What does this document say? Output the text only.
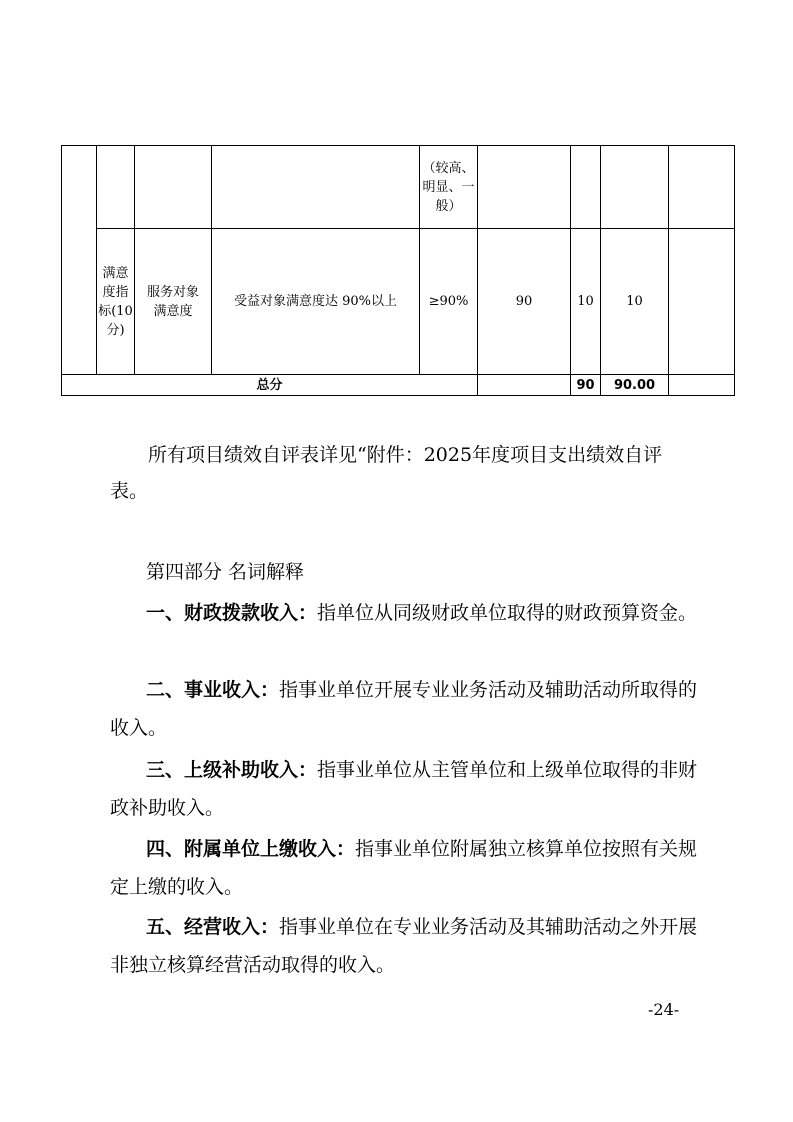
				（较高、明显、一般）				
	满意度指标(10分)	服务对象满意度	受益对象满意度达 90%以上	≥90%	90	10	10	
总分						90	90.00	

所有项目绩效自评表详见“附件：2025年度项目支出绩效自评表。

第四部分 名词解释
一、财政拨款收入：指单位从同级财政单位取得的财政预算资金。
二、事业收入：指事业单位开展专业业务活动及辅助活动所取得的
三、上级补助收入：指事业单位从主管单位和上级单位取得的非财
四、附属单位上缴收入：指事业单位附属独立核算单位按照有关规
五、经营收入：指事业单位在专业业务活动及其辅助活动之外开展
-24-
收入。
政补助收入。
定上缴的收入。
非独立核算经营活动取得的收入。
